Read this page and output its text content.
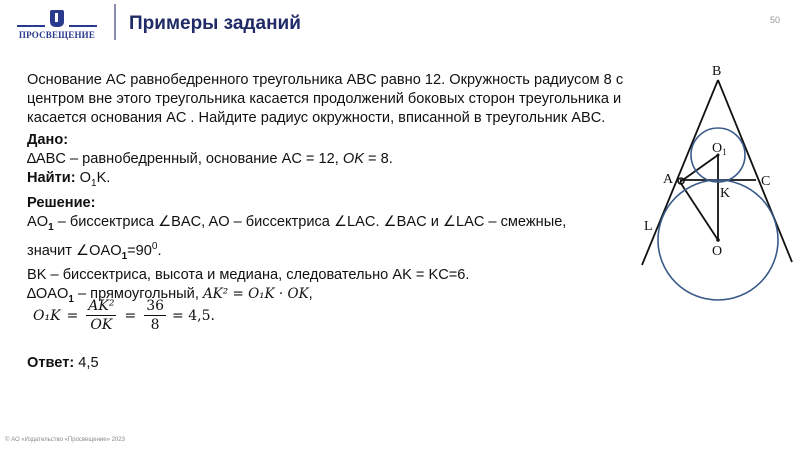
ПРОСВЕЩЕНИЕ
Примеры заданий	50
Основание AC равнобедренного треугольника ABC равно 12. Окружность радиусом 8 с центром вне этого треугольника касается продолжений боковых сторон треугольника и касается основания AC . Найдите радиус окружности, вписанной в треугольник ABC.
Дано:
∆ABC – равнобедренный, основание AC = 12, OK = 8.
Найти: $O_1K$.
Решение:
$AO_1$ – биссектриса ∠BAC, AO – биссектриса ∠LAC. ∠BAC и ∠LAC – смежные,
значит $\angle OAO_1=90^0$.
BK – биссектриса, высота и медиана, следовательно AK = KC=6.
$\Delta OAO_1$ – прямоугольный, AK² = O₁K · OK,
$O_1K = \frac{\text{AK²}}{OK} = \frac{36}{8} = 4,5$.
Ответ: 4,5
B
$O_1$
A	C
K
L
O
© АО «Издательство «Просвещение» 2023
